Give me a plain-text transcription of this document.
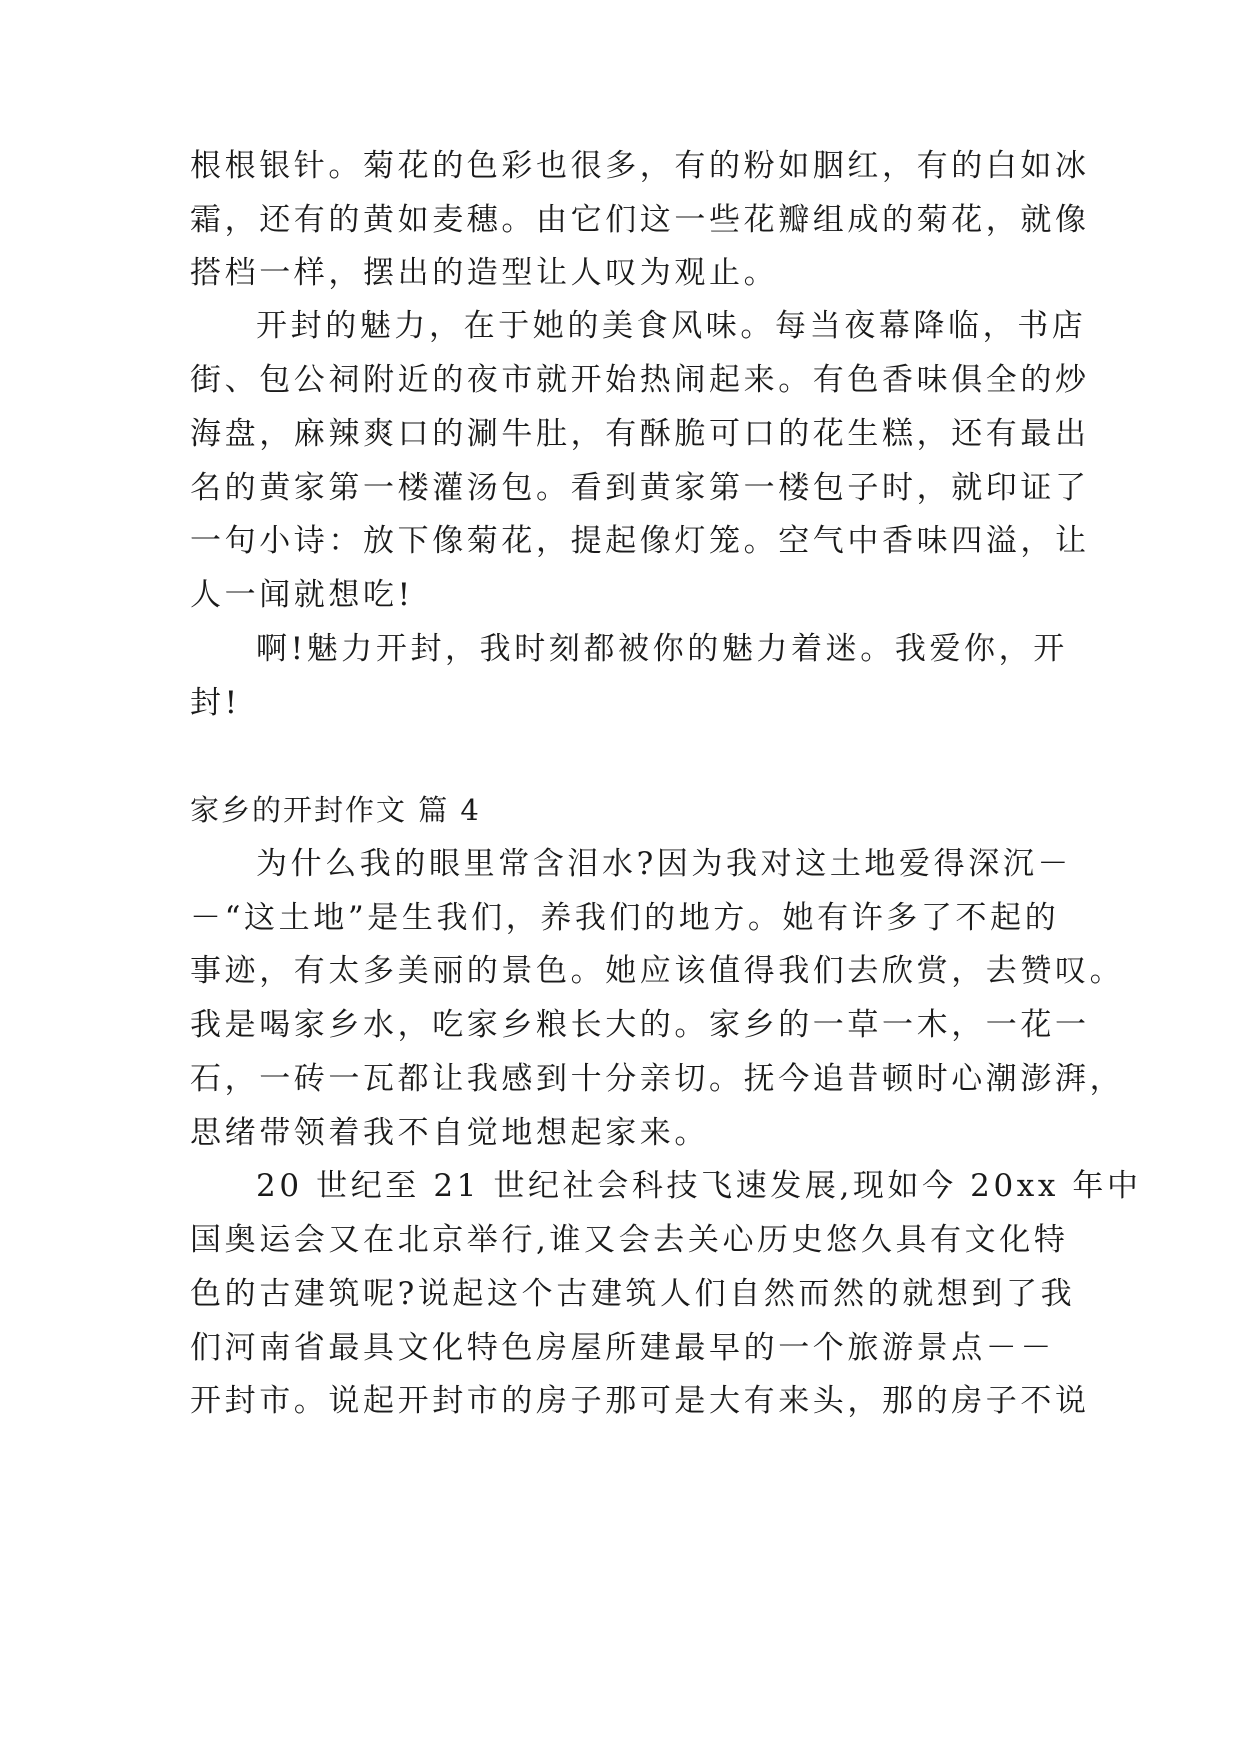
根根银针。菊花的色彩也很多，有的粉如胭红，有的白如冰
霜，还有的黄如麦穗。由它们这一些花瓣组成的菊花，就像
搭档一样，摆出的造型让人叹为观止。
开封的魅力，在于她的美食风味。每当夜幕降临，书店
街、包公祠附近的夜市就开始热闹起来。有色香味俱全的炒
海盘，麻辣爽口的涮牛肚，有酥脆可口的花生糕，还有最出
名的黄家第一楼灌汤包。看到黄家第一楼包子时，就印证了
一句小诗：放下像菊花，提起像灯笼。空气中香味四溢，让
人一闻就想吃!
啊!魅力开封，我时刻都被你的魅力着迷。我爱你，开
封!
家乡的开封作文 篇 4
为什么我的眼里常含泪水?因为我对这土地爱得深沉－
－“这土地”是生我们，养我们的地方。她有许多了不起的
事迹，有太多美丽的景色。她应该值得我们去欣赏，去赞叹。
我是喝家乡水，吃家乡粮长大的。家乡的一草一木，一花一
石，一砖一瓦都让我感到十分亲切。抚今追昔顿时心潮澎湃，
思绪带领着我不自觉地想起家来。
20 世纪至 21 世纪社会科技飞速发展,现如今 20xx 年中
国奥运会又在北京举行,谁又会去关心历史悠久具有文化特
色的古建筑呢?说起这个古建筑人们自然而然的就想到了我
们河南省最具文化特色房屋所建最早的一个旅游景点－－
开封市。说起开封市的房子那可是大有来头，那的房子不说
